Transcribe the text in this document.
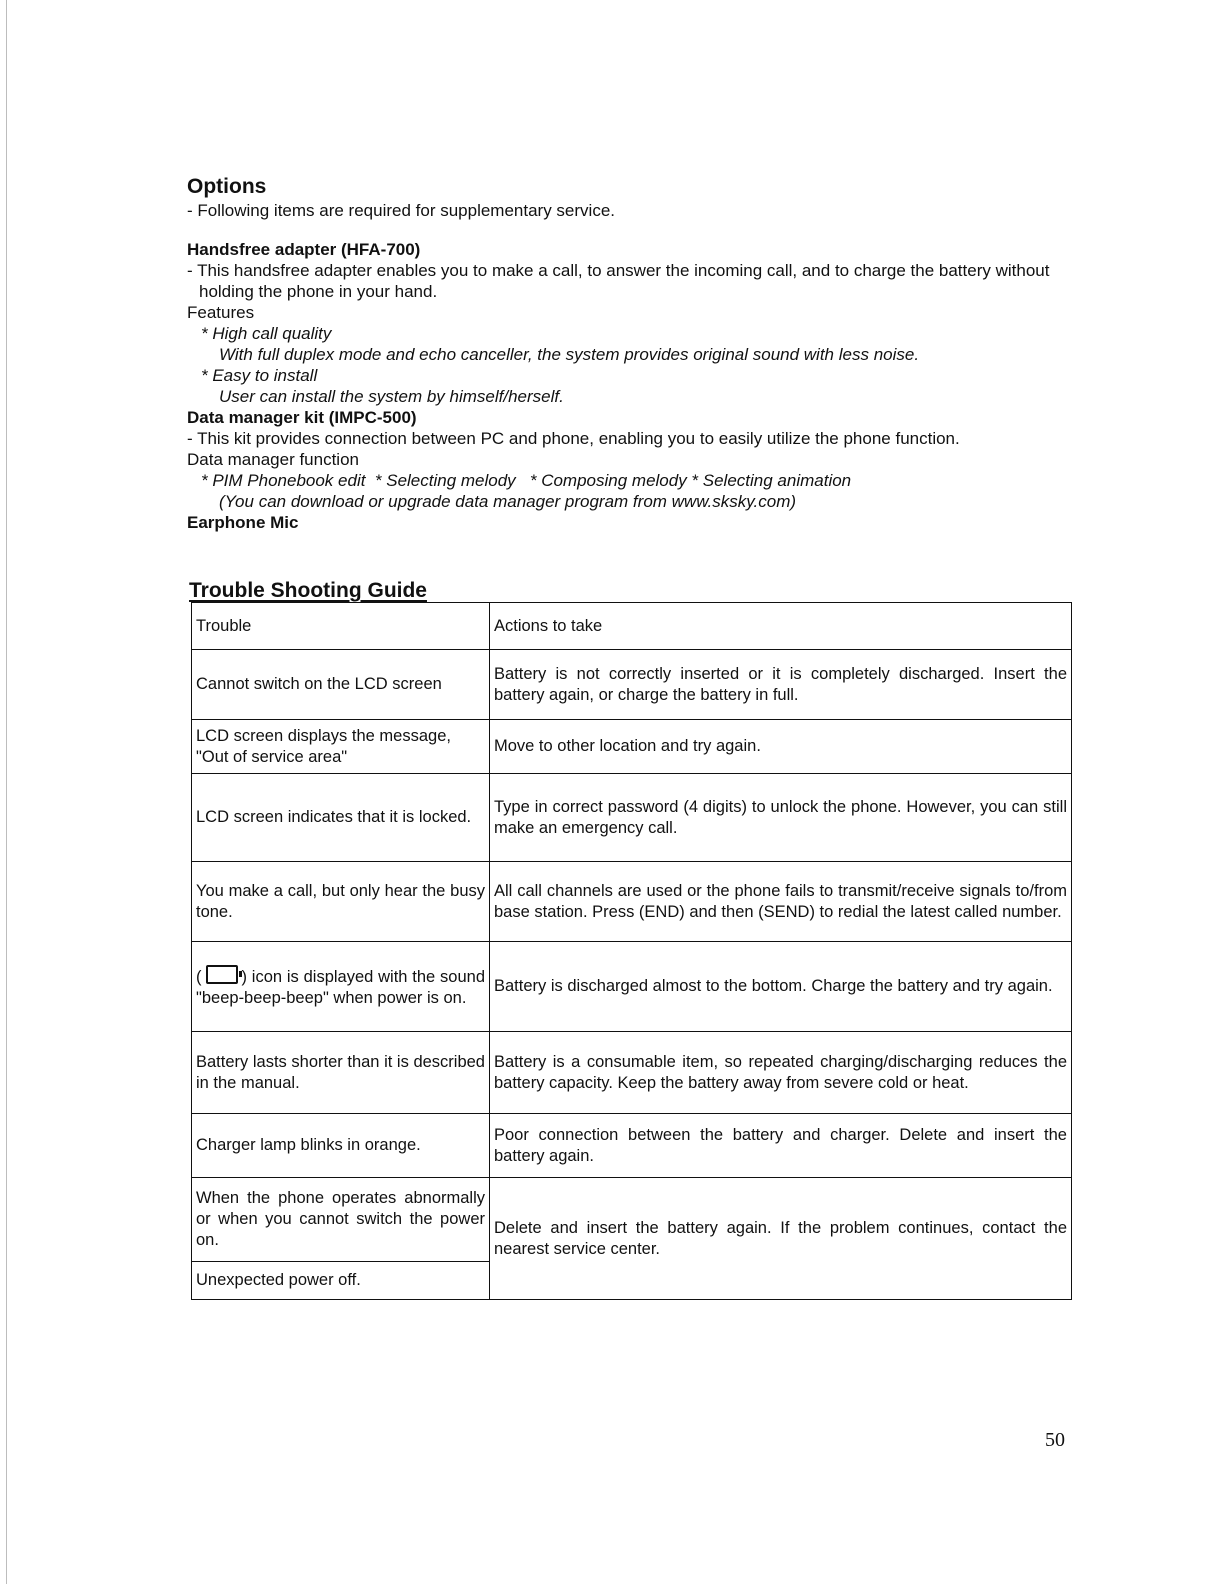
Options

- Following items are required for supplementary service.

Handsfree adapter (HFA-700)

- This handsfree adapter enables you to make a call, to answer the incoming call, and to charge the battery without holding the phone in your hand.

Features

* High call quality

With full duplex mode and echo canceller, the system provides original sound with less noise.

* Easy to install

User can install the system by himself/herself.

Data manager kit (IMPC-500)

- This kit provides connection between PC and phone, enabling you to easily utilize the phone function.

Data manager function

* PIM Phonebook edit  * Selecting melody   * Composing melody * Selecting animation

(You can download or upgrade data manager program from www.sksky.com)

Earphone Mic

Trouble Shooting Guide
Trouble	Actions to take
Cannot switch on the LCD screen	Battery is not correctly inserted or it is completely discharged. Insert the battery again, or charge the battery in full.
LCD screen displays the message, "Out of service area"	Move to other location and try again.
LCD screen indicates that it is locked.	Type in correct password (4 digits) to unlock the phone. However, you can still make an emergency call.
You make a call, but only hear the busy tone.	All call channels are used or the phone fails to transmit/receive signals to/from base station. Press (END) and then (SEND) to redial the latest called number.
( ) icon is displayed with the sound "beep-beep-beep" when power is on.	Battery is discharged almost to the bottom. Charge the battery and try again.
Battery lasts shorter than it is described in the manual.	Battery is a consumable item, so repeated charging/discharging reduces the battery capacity. Keep the battery away from severe cold or heat.
Charger lamp blinks in orange.	Poor connection between the battery and charger. Delete and insert the battery again.
When the phone operates abnormally or when you cannot switch the power on.	Delete and insert the battery again. If the problem continues, contact the nearest service center.
Unexpected power off.	
50
